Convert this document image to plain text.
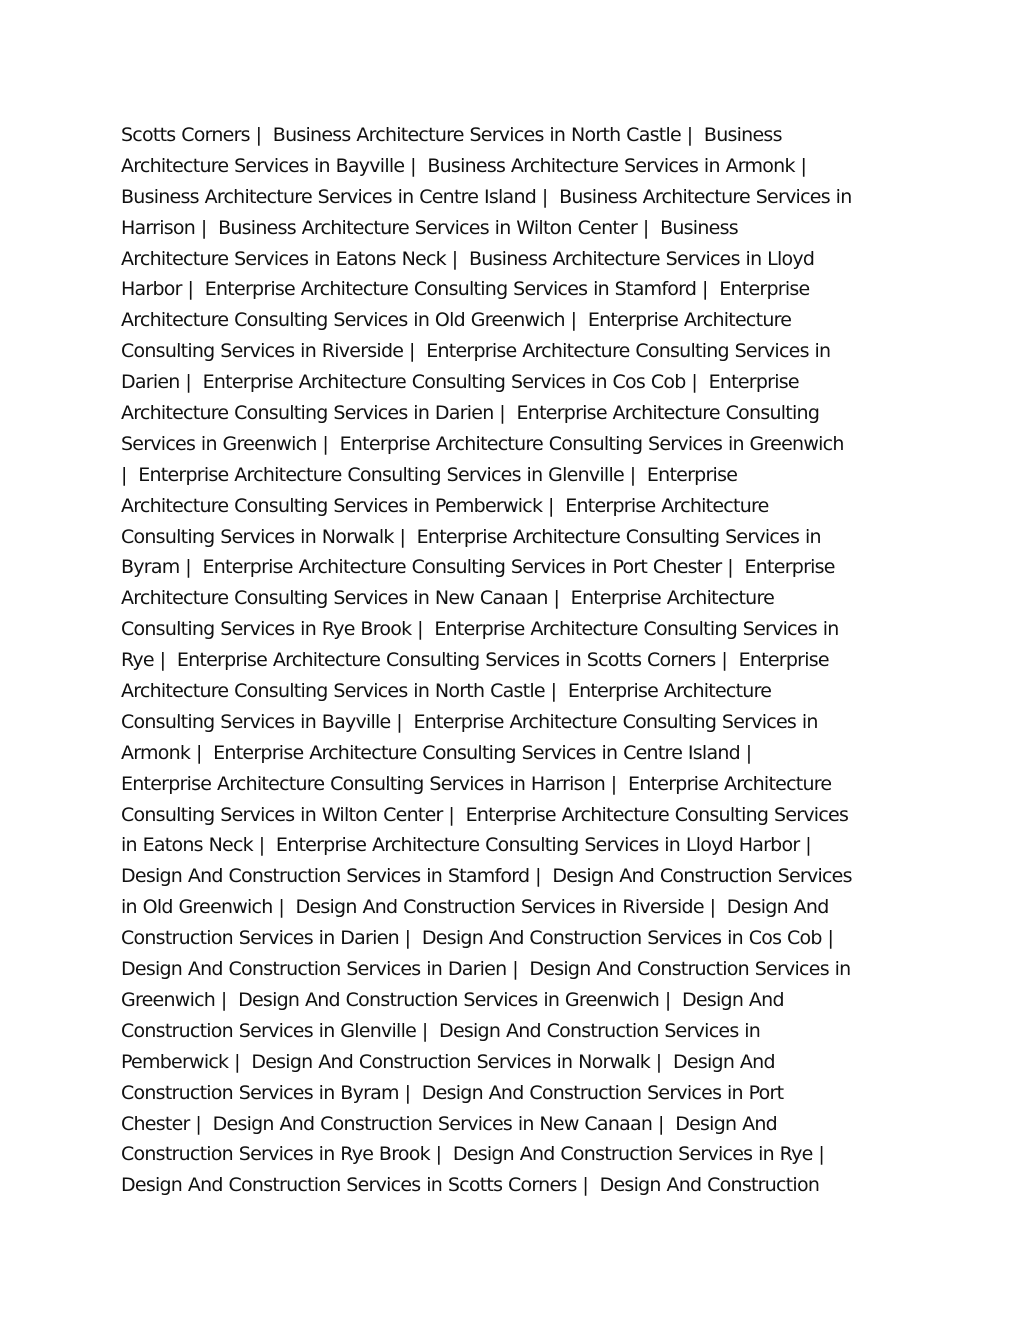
Scotts Corners |  Business Architecture Services in North Castle |  Business
Architecture Services in Bayville |  Business Architecture Services in Armonk |
Business Architecture Services in Centre Island |  Business Architecture Services in
Harrison |  Business Architecture Services in Wilton Center |  Business
Architecture Services in Eatons Neck |  Business Architecture Services in Lloyd
Harbor |  Enterprise Architecture Consulting Services in Stamford |  Enterprise
Architecture Consulting Services in Old Greenwich |  Enterprise Architecture
Consulting Services in Riverside |  Enterprise Architecture Consulting Services in
Darien |  Enterprise Architecture Consulting Services in Cos Cob |  Enterprise
Architecture Consulting Services in Darien |  Enterprise Architecture Consulting
Services in Greenwich |  Enterprise Architecture Consulting Services in Greenwich
|  Enterprise Architecture Consulting Services in Glenville |  Enterprise
Architecture Consulting Services in Pemberwick |  Enterprise Architecture
Consulting Services in Norwalk |  Enterprise Architecture Consulting Services in
Byram |  Enterprise Architecture Consulting Services in Port Chester |  Enterprise
Architecture Consulting Services in New Canaan |  Enterprise Architecture
Consulting Services in Rye Brook |  Enterprise Architecture Consulting Services in
Rye |  Enterprise Architecture Consulting Services in Scotts Corners |  Enterprise
Architecture Consulting Services in North Castle |  Enterprise Architecture
Consulting Services in Bayville |  Enterprise Architecture Consulting Services in
Armonk |  Enterprise Architecture Consulting Services in Centre Island |
Enterprise Architecture Consulting Services in Harrison |  Enterprise Architecture
Consulting Services in Wilton Center |  Enterprise Architecture Consulting Services
in Eatons Neck |  Enterprise Architecture Consulting Services in Lloyd Harbor |
Design And Construction Services in Stamford |  Design And Construction Services
in Old Greenwich |  Design And Construction Services in Riverside |  Design And
Construction Services in Darien |  Design And Construction Services in Cos Cob |
Design And Construction Services in Darien |  Design And Construction Services in
Greenwich |  Design And Construction Services in Greenwich |  Design And
Construction Services in Glenville |  Design And Construction Services in
Pemberwick |  Design And Construction Services in Norwalk |  Design And
Construction Services in Byram |  Design And Construction Services in Port
Chester |  Design And Construction Services in New Canaan |  Design And
Construction Services in Rye Brook |  Design And Construction Services in Rye |
Design And Construction Services in Scotts Corners |  Design And Construction
